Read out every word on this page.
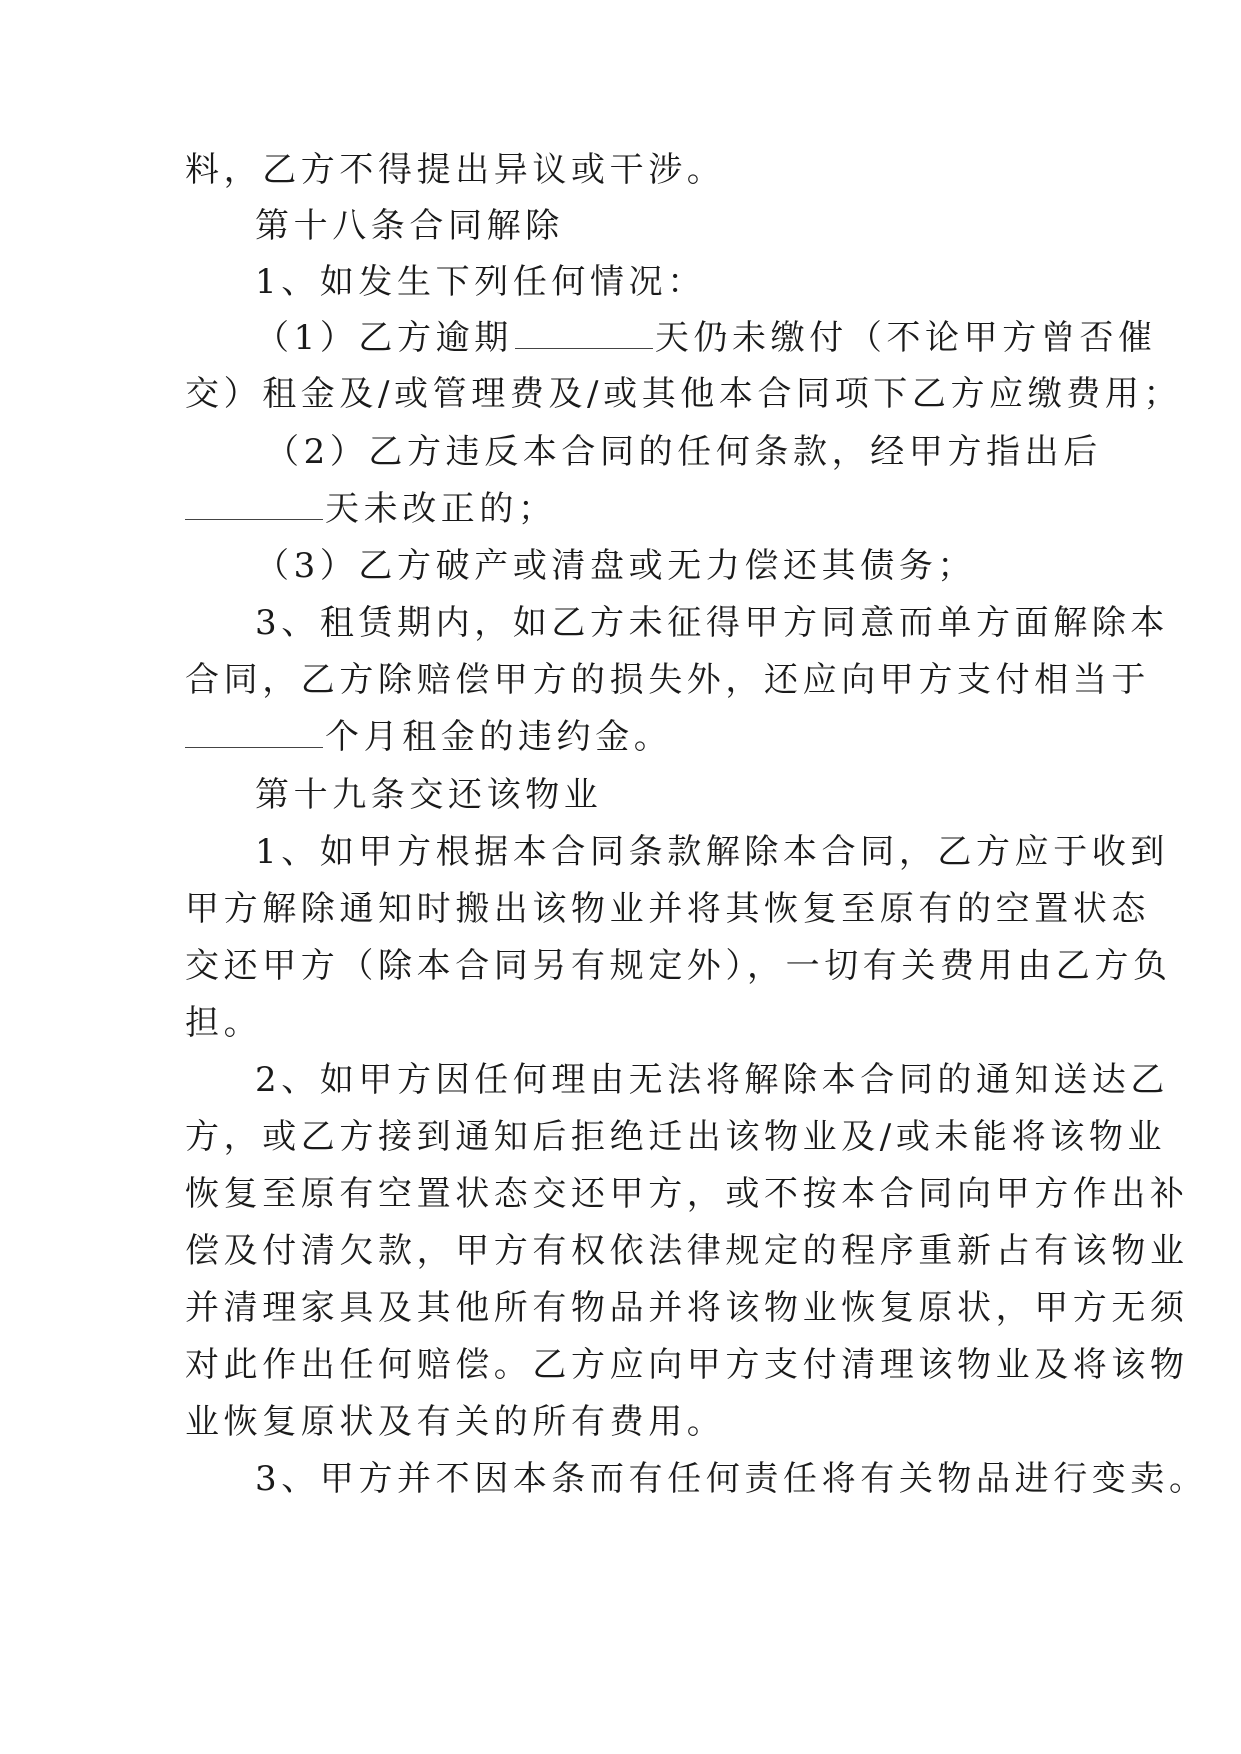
料，乙方不得提出异议或干涉。
第十八条合同解除
1、如发生下列任何情况：
（1）乙方逾期	天仍未缴付（不论甲方曾否催
交）租金及/或管理费及/或其他本合同项下乙方应缴费用；
（2）乙方违反本合同的任何条款，经甲方指出后
天未改正的；
（3）乙方破产或清盘或无力偿还其债务；
3、租赁期内，如乙方未征得甲方同意而单方面解除本
合同，乙方除赔偿甲方的损失外，还应向甲方支付相当于
个月租金的违约金。
第十九条交还该物业
1、如甲方根据本合同条款解除本合同，乙方应于收到
甲方解除通知时搬出该物业并将其恢复至原有的空置状态
交还甲方（除本合同另有规定外），一切有关费用由乙方负
担。
2、如甲方因任何理由无法将解除本合同的通知送达乙
方，或乙方接到通知后拒绝迁出该物业及/或未能将该物业
恢复至原有空置状态交还甲方，或不按本合同向甲方作出补
偿及付清欠款，甲方有权依法律规定的程序重新占有该物业
并清理家具及其他所有物品并将该物业恢复原状，甲方无须
对此作出任何赔偿。乙方应向甲方支付清理该物业及将该物
业恢复原状及有关的所有费用。
3、甲方并不因本条而有任何责任将有关物品进行变卖。
